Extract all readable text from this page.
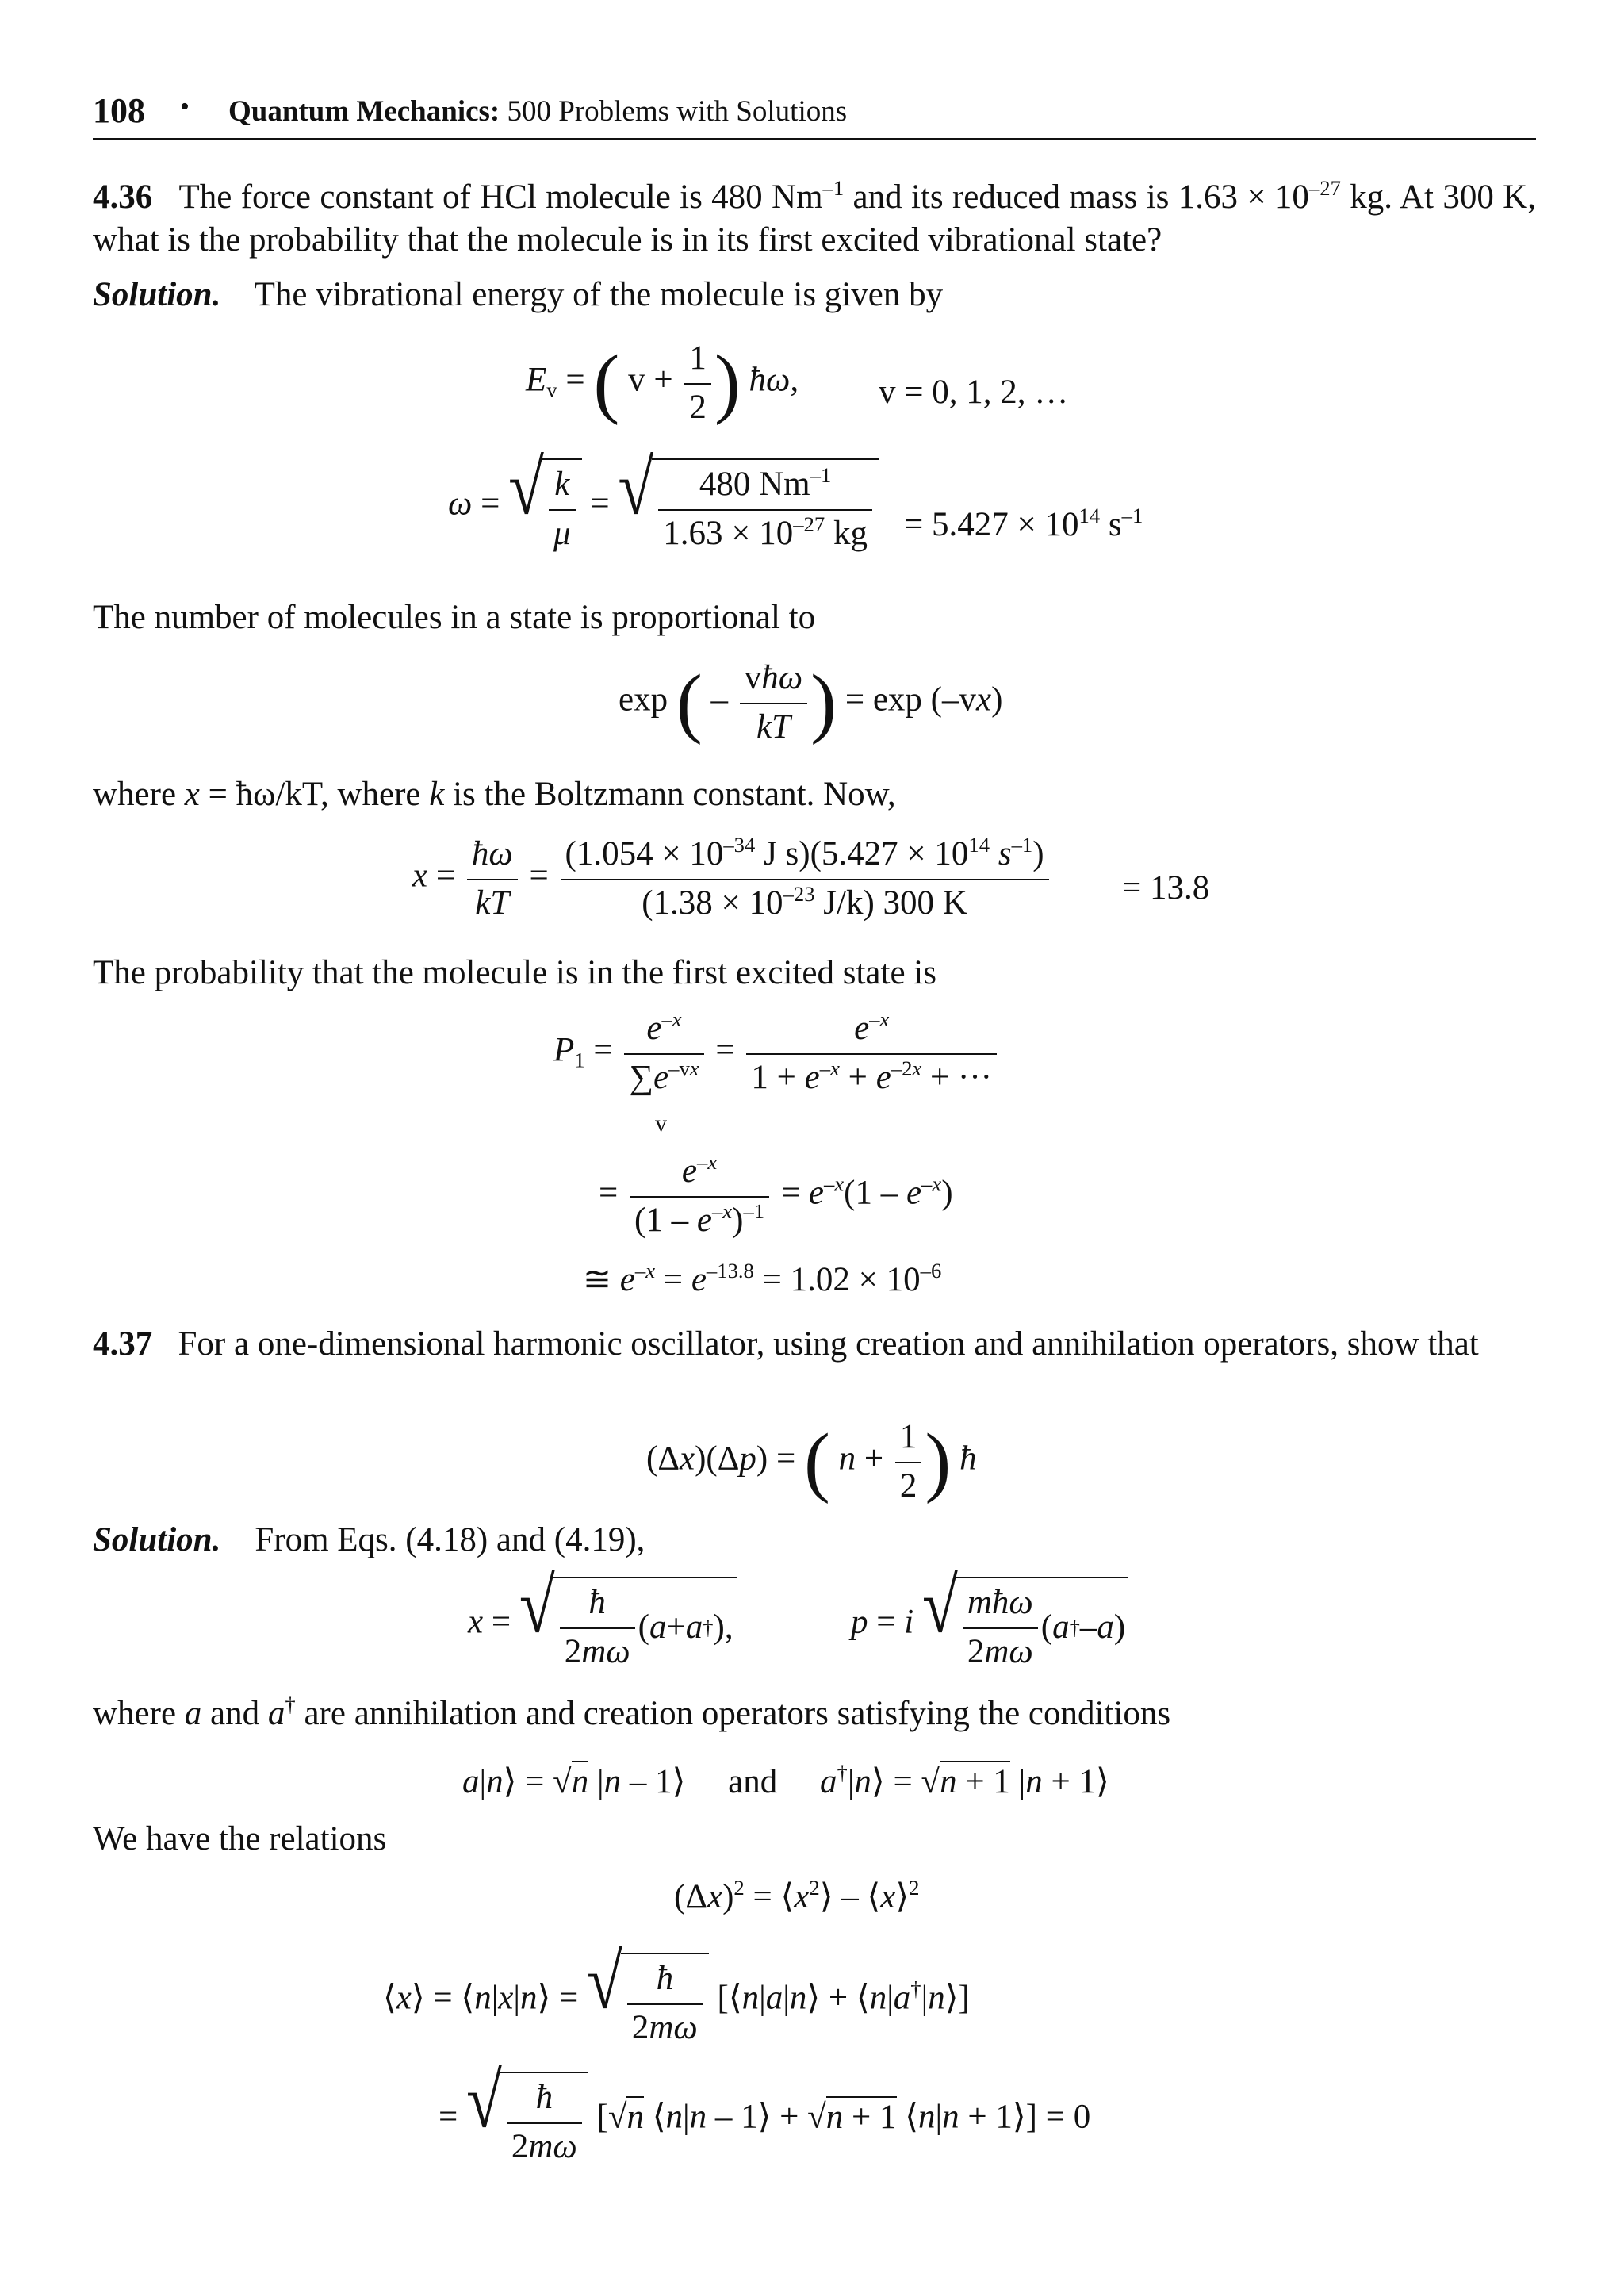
108 • Quantum Mechanics: 500 Problems with Solutions
4.36 The force constant of HCl molecule is 480 $Nm^{-1}$ and its reduced mass is $1.63 \times 10^{-27}$ kg. At 300 K, what is the probability that the molecule is in its first excited vibrational state?
Solution. The vibrational energy of the molecule is given by
$E_v$ = ( $v + \frac{1}{2}$ ) ħω, v = 0, 1, 2, …
ω = √ $\frac{k}{\mu}$ = √ $\frac{480 Nm^{-1}}{1.63 \times 10^{-27} kg} = 5.427 \times 10^{14}$ $s^{-1}$
The number of molecules in a state is proportional to
exp ( – $\frac{\text{vħω}}{kT}$ ) = exp (–vx)
where x = ħω/kT, where k is the Boltzmann constant. Now,
$x = \frac{ħ\omega}{kT} = \frac{(1.054 \times 10^{-34} J s)(5.427 \times 10^{14} s^{-1})}{(1.38 \times 10^{-23} J/k) 300 K} = 13.8$
The probability that the molecule is in the first excited state is
$P_1 = \frac{e^{-x}}{\sum e^{-vx}} = \frac{e^{-x}}{1 + e^{-x} + e^{-2x} + \cdot\cdot\cdot}$
v
= $\frac{e^{-x}}{(1 - e^{-x})^{-1}} = e^{-x}(1 - e^{-x})$
≅ $e^{-x} = e^{-13.8} = 1.02 \times 10^{-6}$
4.37 For a one-dimensional harmonic oscillator, using creation and annihilation operators, show that
(Δx)(Δp) = ( $n + \frac{1}{2}$ ) ħ
Solution. From Eqs. (4.18) and (4.19),
x = √ $\frac{ħ}{2m\omega}$ ( a + a † ),	p = i √ $\frac{\text{mħω}}{2m\omega}$ ( a † – a )
where a and a† are annihilation and creation operators satisfying the conditions
a|n⟩ = √n |n – 1⟩     and a†|n⟩ = √n + 1 |n + 1⟩
We have the relations
$(\Delta x)^2$ = $⟨x^2⟩$ – ⟨x⟩$^2$
⟨x⟩ = ⟨n|x|n⟩ = √ $\frac{ħ}{2m\omega}$ [⟨n|a|n⟩ + ⟨n|a†|n⟩]
= √ $\frac{ħ}{2m\omega} [√n$ ⟨n|n – 1⟩ + √n + 1 ⟨n|n + 1⟩] = 0
